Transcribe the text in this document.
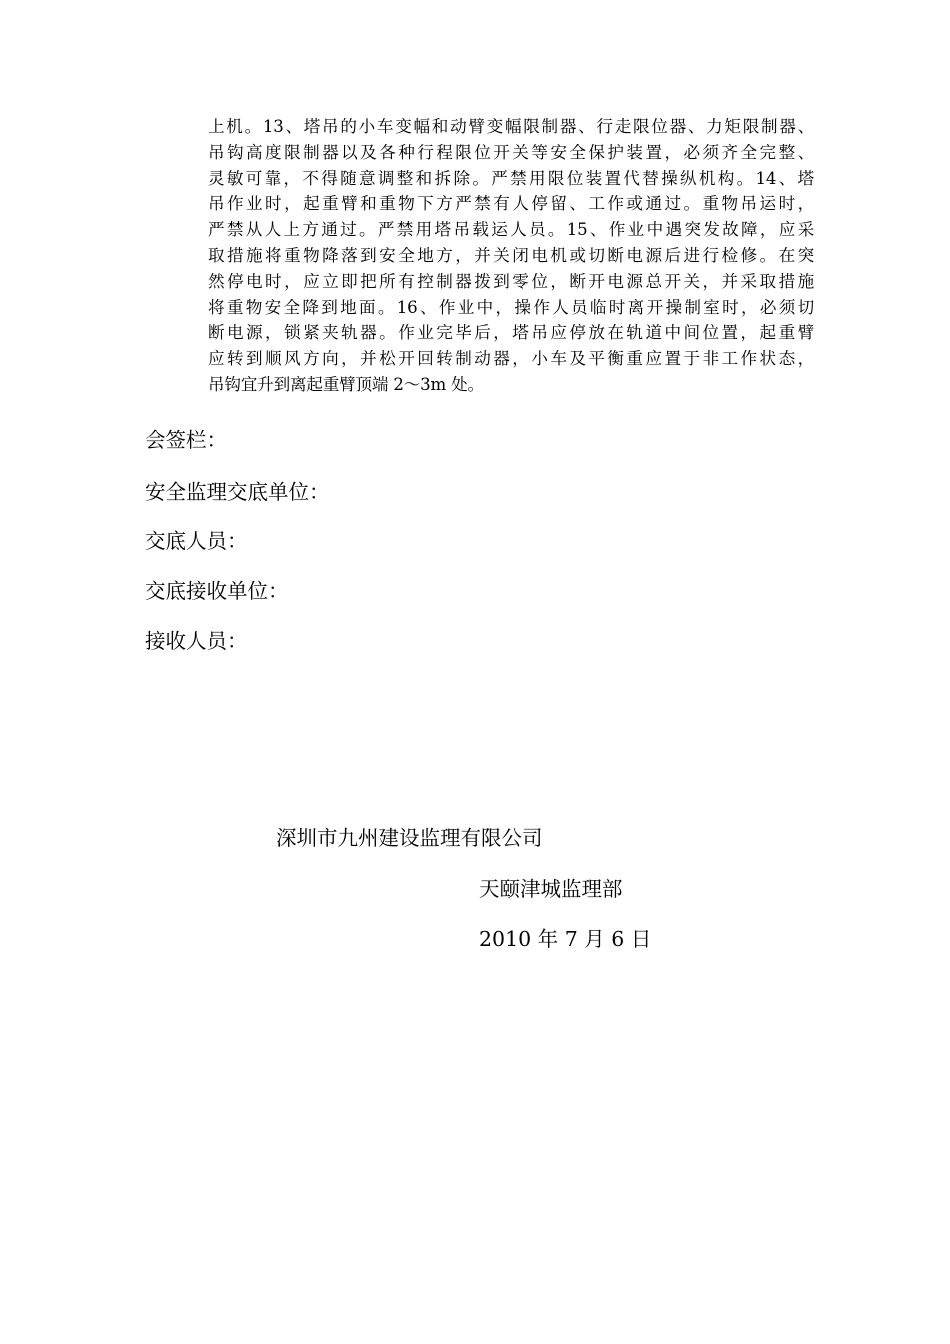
上机。13、塔吊的小车变幅和动臂变幅限制器、行走限位器、力矩限制器、
吊钩高度限制器以及各种行程限位开关等安全保护装置，必须齐全完整、
灵敏可靠，不得随意调整和拆除。严禁用限位装置代替操纵机构。14、塔
吊作业时，起重臂和重物下方严禁有人停留、工作或通过。重物吊运时，
严禁从人上方通过。严禁用塔吊载运人员。15、作业中遇突发故障，应采
取措施将重物降落到安全地方，并关闭电机或切断电源后进行检修。在突
然停电时，应立即把所有控制器拨到零位，断开电源总开关，并采取措施
将重物安全降到地面。16、作业中，操作人员临时离开操制室时，必须切
断电源，锁紧夹轨器。作业完毕后，塔吊应停放在轨道中间位置，起重臂
应转到顺风方向，并松开回转制动器，小车及平衡重应置于非工作状态，
吊钩宜升到离起重臂顶端 2～3m 处。
会签栏：
安全监理交底单位：
交底人员：
交底接收单位：
接收人员：
深圳市九州建设监理有限公司
天颐津城监理部
2010 年 7 月 6 日
